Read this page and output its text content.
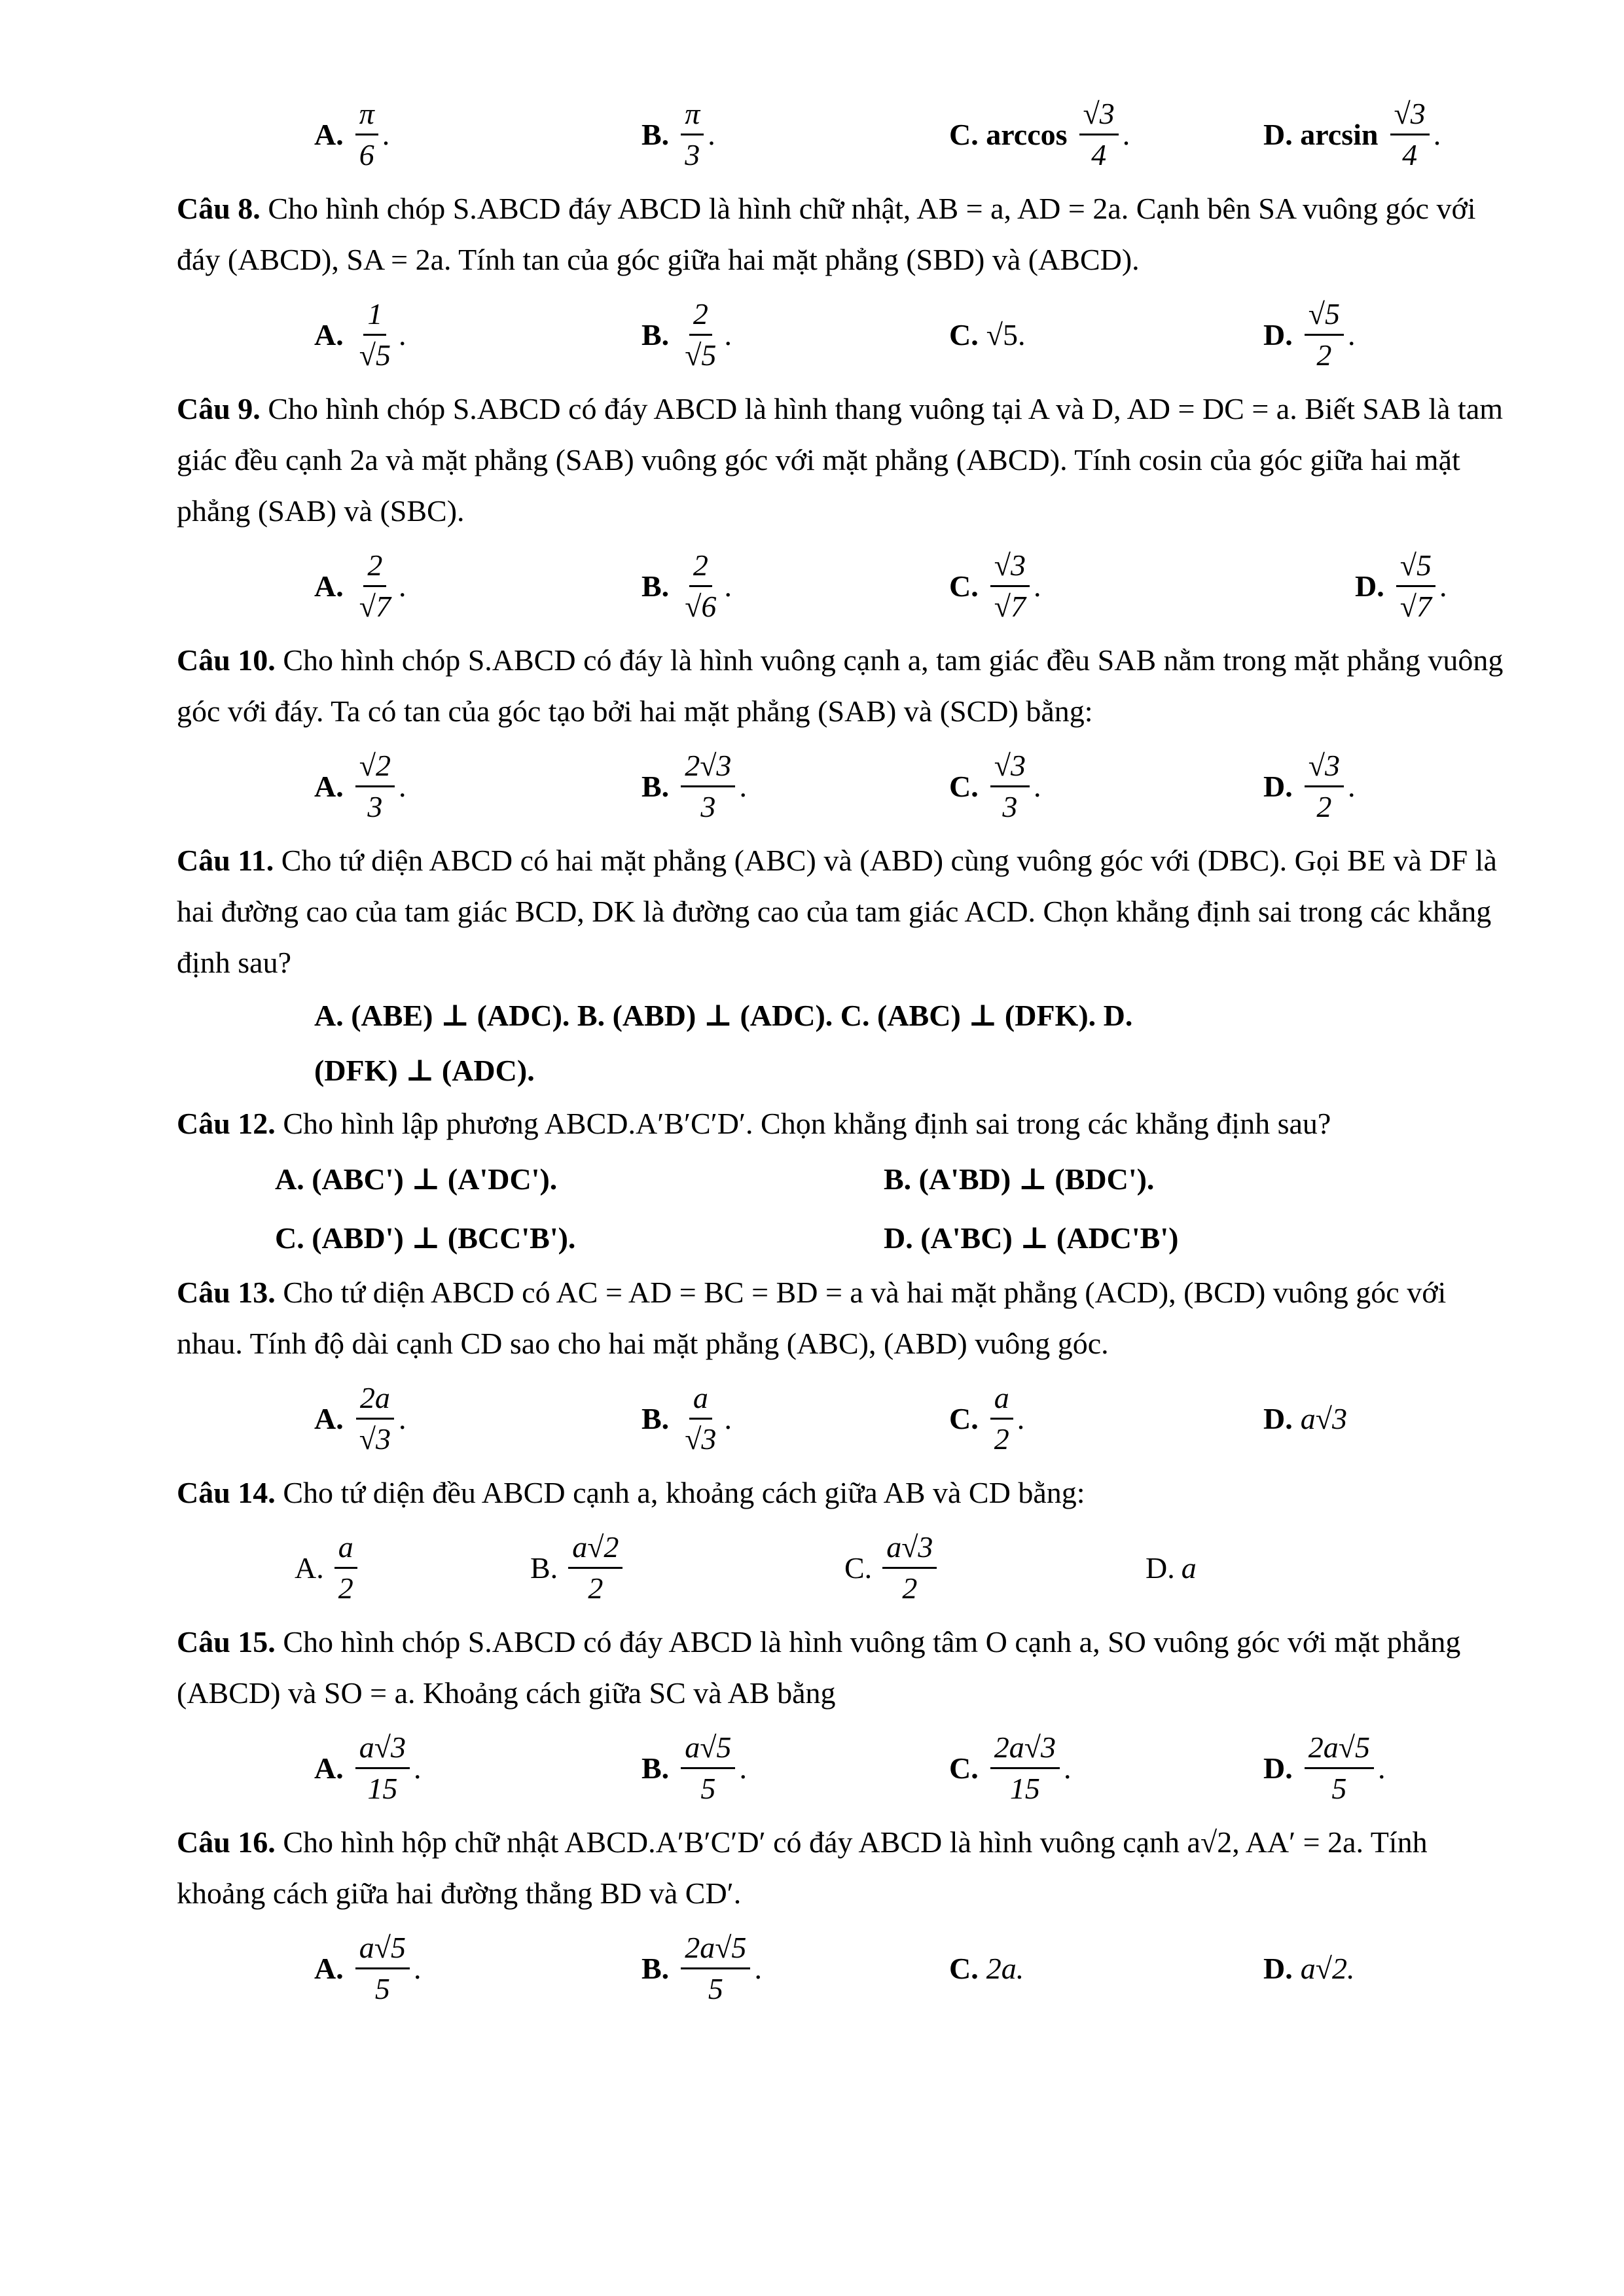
A. $\frac{\pi}{6}$ .	B. $\frac{\pi}{3}$ .	C. $\arccos \frac{√3}{4}$ .	D. $\arcsin \frac{√3}{4}$ .

Câu 8. Cho hình chóp S.ABCD đáy ABCD là hình chữ nhật, AB = a, AD = 2a. Cạnh bên SA vuông góc với đáy (ABCD), SA = 2a. Tính tan của góc giữa hai mặt phẳng (SBD) và (ABCD).

A. $\frac{1}{√5}$ .	B. $\frac{2}{√5}$ .	C. √5 .	D. $\frac{√5}{2}$ .

Câu 9. Cho hình chóp S.ABCD có đáy ABCD là hình thang vuông tại A và D, AD = DC = a. Biết SAB là tam giác đều cạnh 2a và mặt phẳng (SAB) vuông góc với mặt phẳng (ABCD). Tính cosin của góc giữa hai mặt phẳng (SAB) và (SBC).

A. $\frac{2}{√7}$ .	B. $\frac{2}{√6}$ .	C. $\frac{√3}{√7}$ .	D. $\frac{√5}{√7}$ .

Câu 10. Cho hình chóp S.ABCD có đáy là hình vuông cạnh a, tam giác đều SAB nằm trong mặt phẳng vuông góc với đáy. Ta có tan của góc tạo bởi hai mặt phẳng (SAB) và (SCD) bằng:

A. $\frac{√2}{3}$ .	B. $\frac{2√3}{3}$ .	C. $\frac{√3}{3}$ .	D. $\frac{√3}{2}$ .

Câu 11. Cho tứ diện ABCD có hai mặt phẳng (ABC) và (ABD) cùng vuông góc với (DBC). Gọi BE và DF là hai đường cao của tam giác BCD, DK là đường cao của tam giác ACD. Chọn khẳng định sai trong các khẳng định sau?

A. (ABE) ⊥ (ADC). B. (ABD) ⊥ (ADC). C. (ABC) ⊥ (DFK). D.
(DFK) ⊥ (ADC).

Câu 12. Cho hình lập phương ABCD.A′B′C′D′. Chọn khẳng định sai trong các khẳng định sau?

A. (ABC') ⊥ (A'DC').	B. (A'BD) ⊥ (BDC').
C. (ABD') ⊥ (BCC'B').	D. (A'BC) ⊥ (ADC'B')

Câu 13. Cho tứ diện ABCD có AC = AD = BC = BD = a và hai mặt phẳng (ACD), (BCD) vuông góc với nhau. Tính độ dài cạnh CD sao cho hai mặt phẳng (ABC), (ABD) vuông góc.

A. $\frac{2a}{√3}$ .	B. $\frac{a}{√3}$ .	C. $\frac{a}{2}$ .	D. a√3

Câu 14. Cho tứ diện đều ABCD cạnh a, khoảng cách giữa AB và CD bằng:

A. $\frac{a}{2}$	B. $\frac{a√2}{2}$	C. $\frac{a√3}{2}$	D. a

Câu 15. Cho hình chóp S.ABCD có đáy ABCD là hình vuông tâm O cạnh a, SO vuông góc với mặt phẳng (ABCD) và SO = a. Khoảng cách giữa SC và AB bằng

A. $\frac{a√3}{15}$ .	B. $\frac{a√5}{5}$ .	C. $\frac{2a√3}{15}$ .	D. $\frac{2a√5}{5}$ .

Câu 16. Cho hình hộp chữ nhật ABCD.A′B′C′D′ có đáy ABCD là hình vuông cạnh a√2, AA′ = 2a. Tính khoảng cách giữa hai đường thẳng BD và CD′.

A. $\frac{a√5}{5}$ .	B. $\frac{2a√5}{5}$ .	C. 2a.	D. a√2.
